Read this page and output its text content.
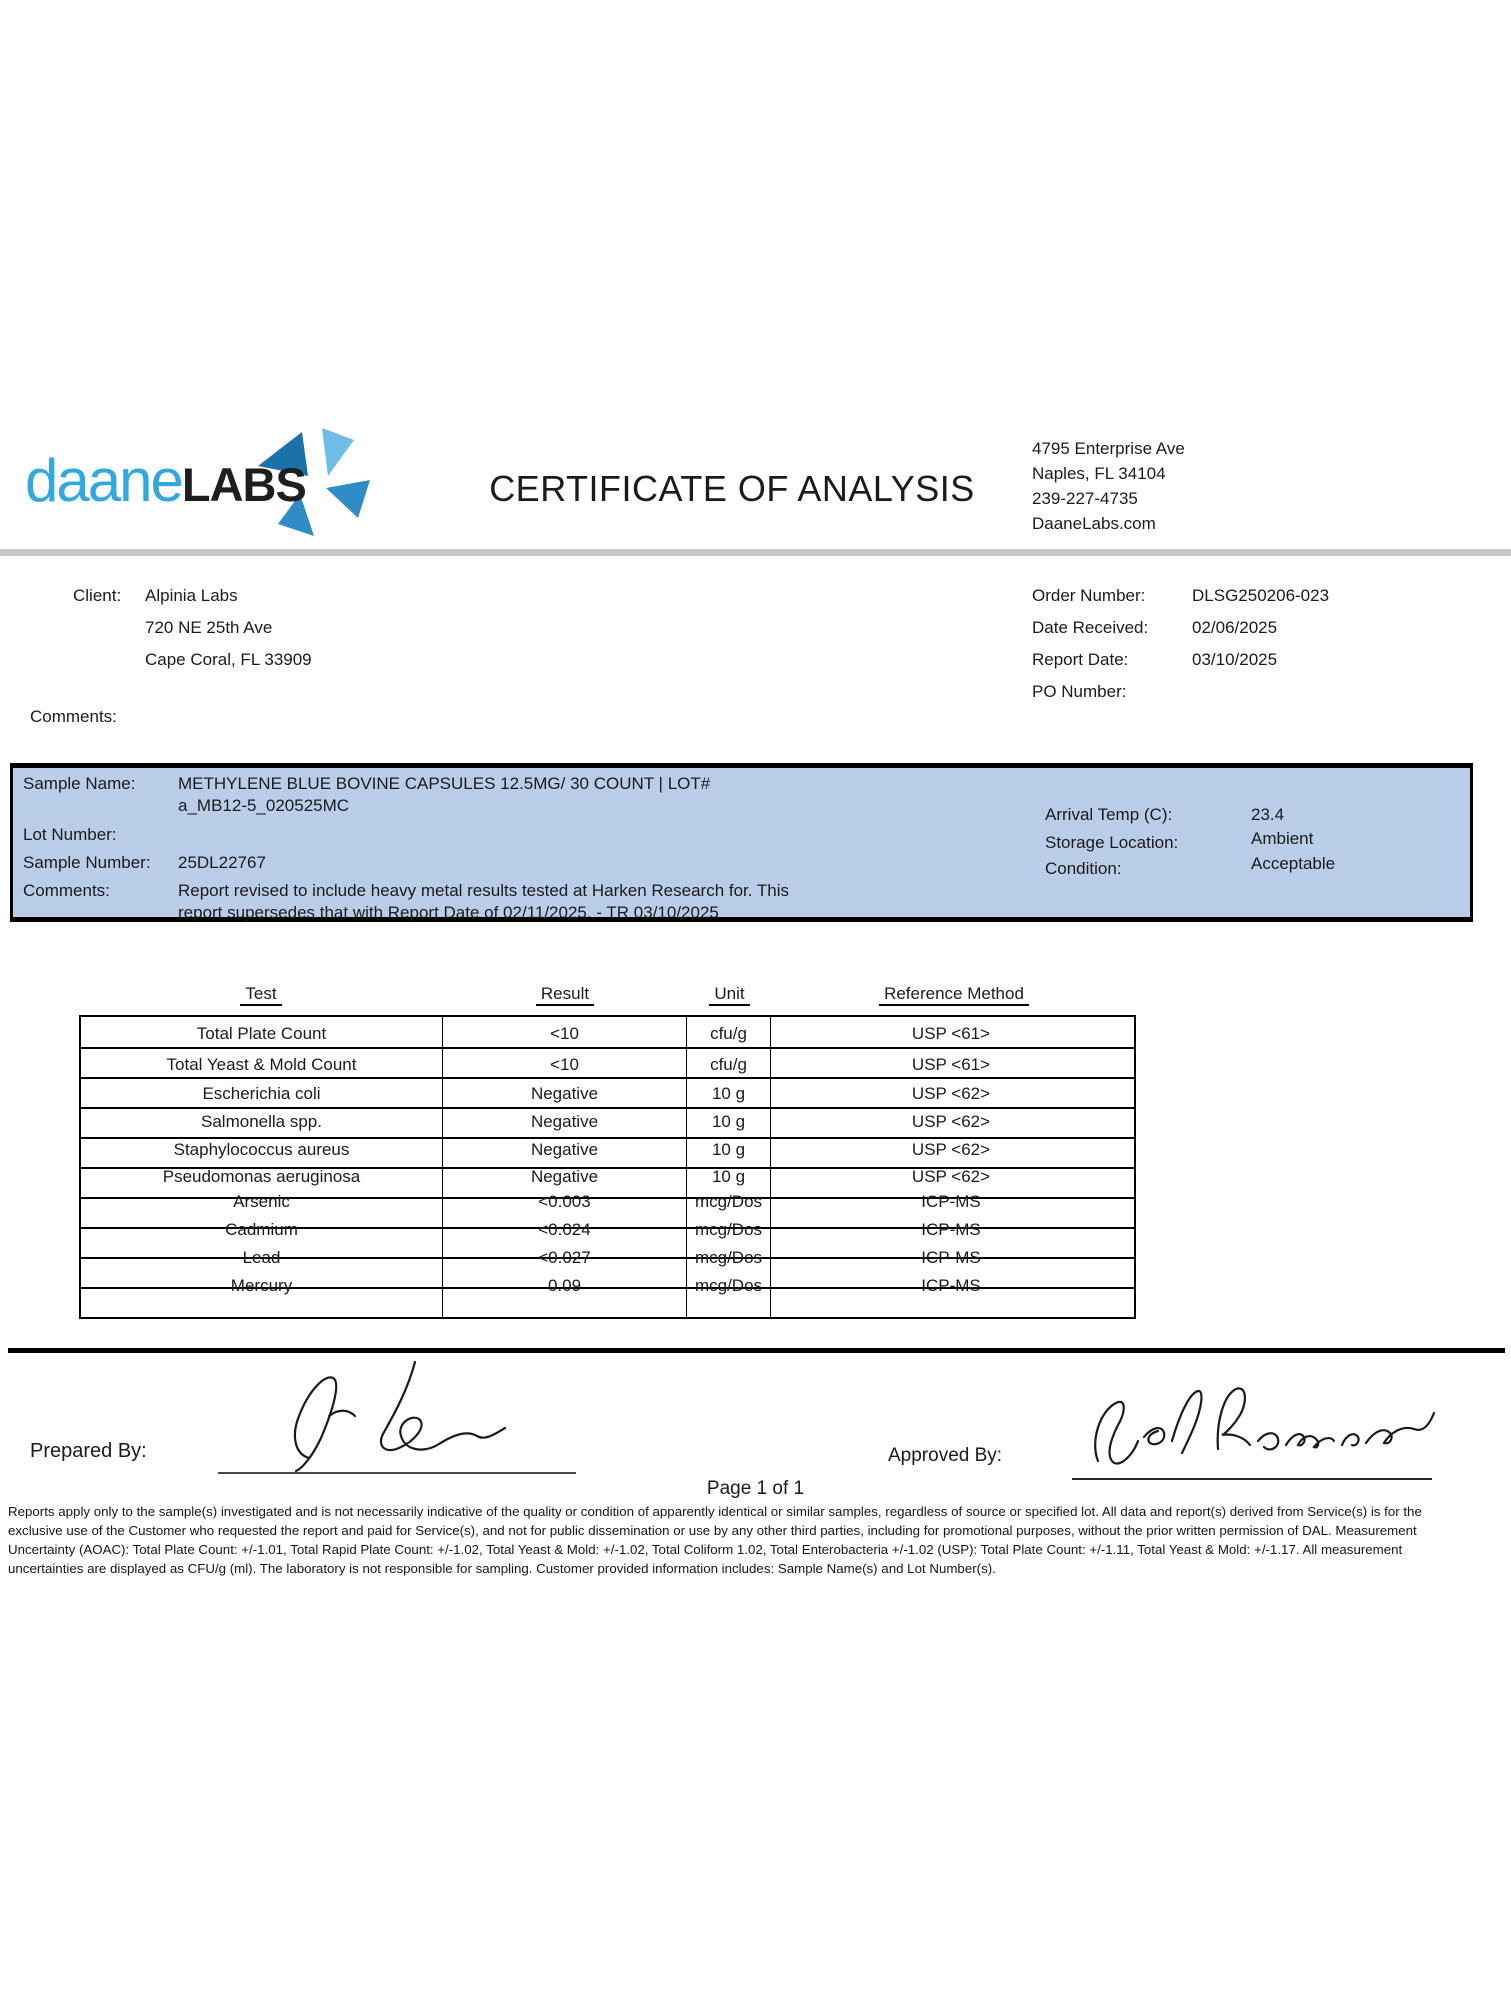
daaneLABS	CERTIFICATE OF ANALYSIS
4795 Enterprise Ave
Naples, FL 34104
239-227-4735
DaaneLabs.com
Client: Alpinia Labs
720 NE 25th Ave
Cape Coral, FL 33909
Comments:
Order Number:	DLSG250206-023
Date Received:	02/06/2025
Report Date:	03/10/2025
PO Number:
Sample Name:	METHYLENE BLUE BOVINE CAPSULES 12.5MG/ 30 COUNT | LOT#
a_MB12-5_020525MC
Lot Number:
Sample Number: 25DL22767
Comments:	Report revised to include heavy metal results tested at Harken Research for. This
report supersedes that with Report Date of 02/11/2025. - TR 03/10/2025
Arrival Temp (C):	23.4
Storage Location:	Ambient
Condition:	Acceptable
Test	Result	Unit	Reference Method
Total Plate Count	<10	cfu/g	USP <61>
Total Yeast & Mold Count	<10	cfu/g	USP <61>
Escherichia coli	Negative	10 g	USP <62>
Salmonella spp.	Negative	10 g	USP <62>
Staphylococcus aureus	Negative	10 g	USP <62>
Pseudomonas aeruginosa	Negative	10 g	USP <62>
Arsenic	<0.003	mcg/Dos	ICP-MS
Cadmium	<0.024	mcg/Dos	ICP-MS
Lead	<0.027	mcg/Dos	ICP-MS
Mercury	0.09	mcg/Dos	ICP-MS
Prepared By:	Approved By:
Page 1 of 1
Reports apply only to the sample(s) investigated and is not necessarily indicative of the quality or condition of apparently identical or similar samples, regardless of source or specified lot. All data and report(s) derived from Service(s) is for the
exclusive use of the Customer who requested the report and paid for Service(s), and not for public dissemination or use by any other third parties, including for promotional purposes, without the prior written permission of DAL. Measurement
Uncertainty (AOAC): Total Plate Count: +/-1.01, Total Rapid Plate Count: +/-1.02, Total Yeast & Mold: +/-1.02, Total Coliform 1.02, Total Enterobacteria +/-1.02 (USP): Total Plate Count: +/-1.11, Total Yeast & Mold: +/-1.17. All measurement
uncertainties are displayed as CFU/g (ml). The laboratory is not responsible for sampling. Customer provided information includes: Sample Name(s) and Lot Number(s).
